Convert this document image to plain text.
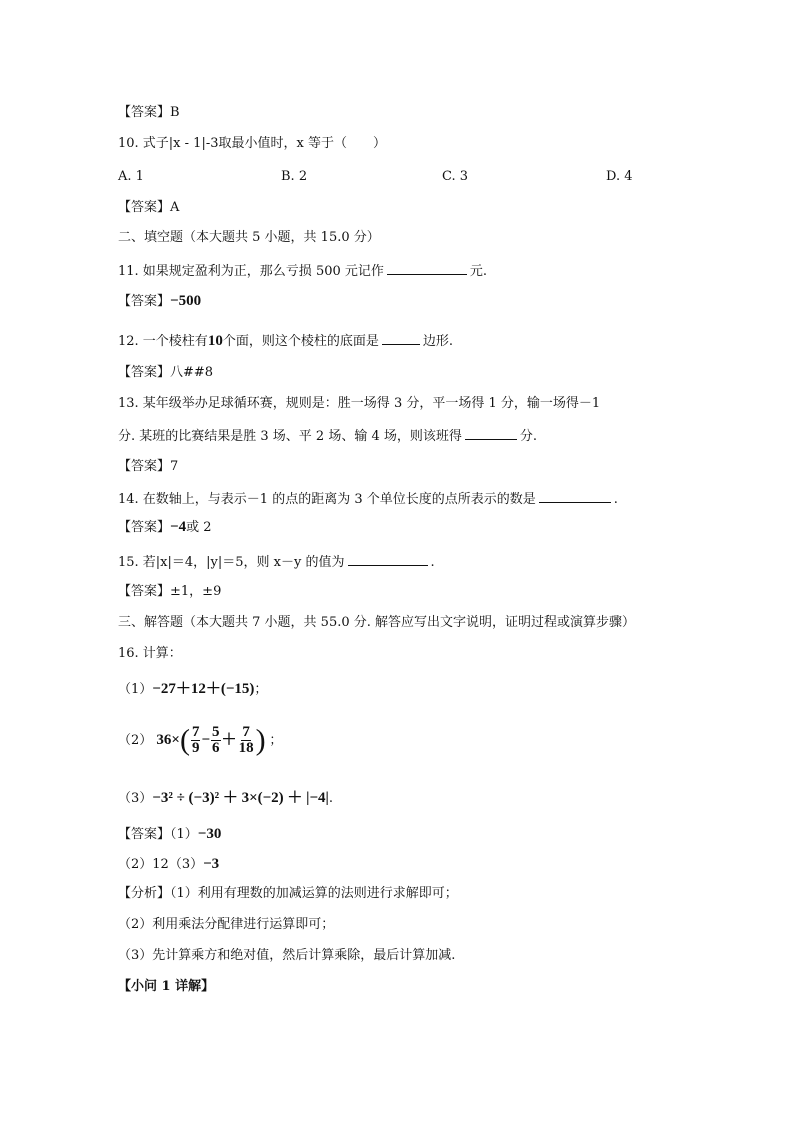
【答案】B
10. 式子|x - 1|-3取最小值时，x 等于（　　）
A. 1	B. 2	C. 3	D. 4
【答案】A
二、填空题（本大题共 5 小题，共 15.0 分）
11. 如果规定盈利为正，那么亏损 500 元记作	元.
【答案】−500
12. 一个棱柱有10个面，则这个棱柱的底面是	边形.
【答案】八##8
13. 某年级举办足球循环赛，规则是：胜一场得 3 分，平一场得 1 分，输一场得－1
分. 某班的比赛结果是胜 3 场、平 2 场、输 4 场，则该班得	分.
【答案】7
14. 在数轴上，与表示－1 的点的距离为 3 个单位长度的点所表示的数是	.
【答案】−4或 2
15. 若|x|＝4，|y|＝5，则 x－y 的值为	.
【答案】±1，±9
三、解答题（本大题共 7 小题，共 55.0 分. 解答应写出文字说明，证明过程或演算步骤）
16. 计算：
（1）−27＋12＋(−15)；
（2） $36\times( \frac{7}{9} - \frac{5}{6} + \frac{7}{18}$ ) ；
（3）−3² ÷ (−3)² ＋ 3×(−2) ＋ |−4|.
【答案】（1）−30
（2）12（3）−3
【分析】（1）利用有理数的加减运算的法则进行求解即可；
（2）利用乘法分配律进行运算即可；
（3）先计算乘方和绝对值，然后计算乘除，最后计算加减.
【小问 1 详解】
